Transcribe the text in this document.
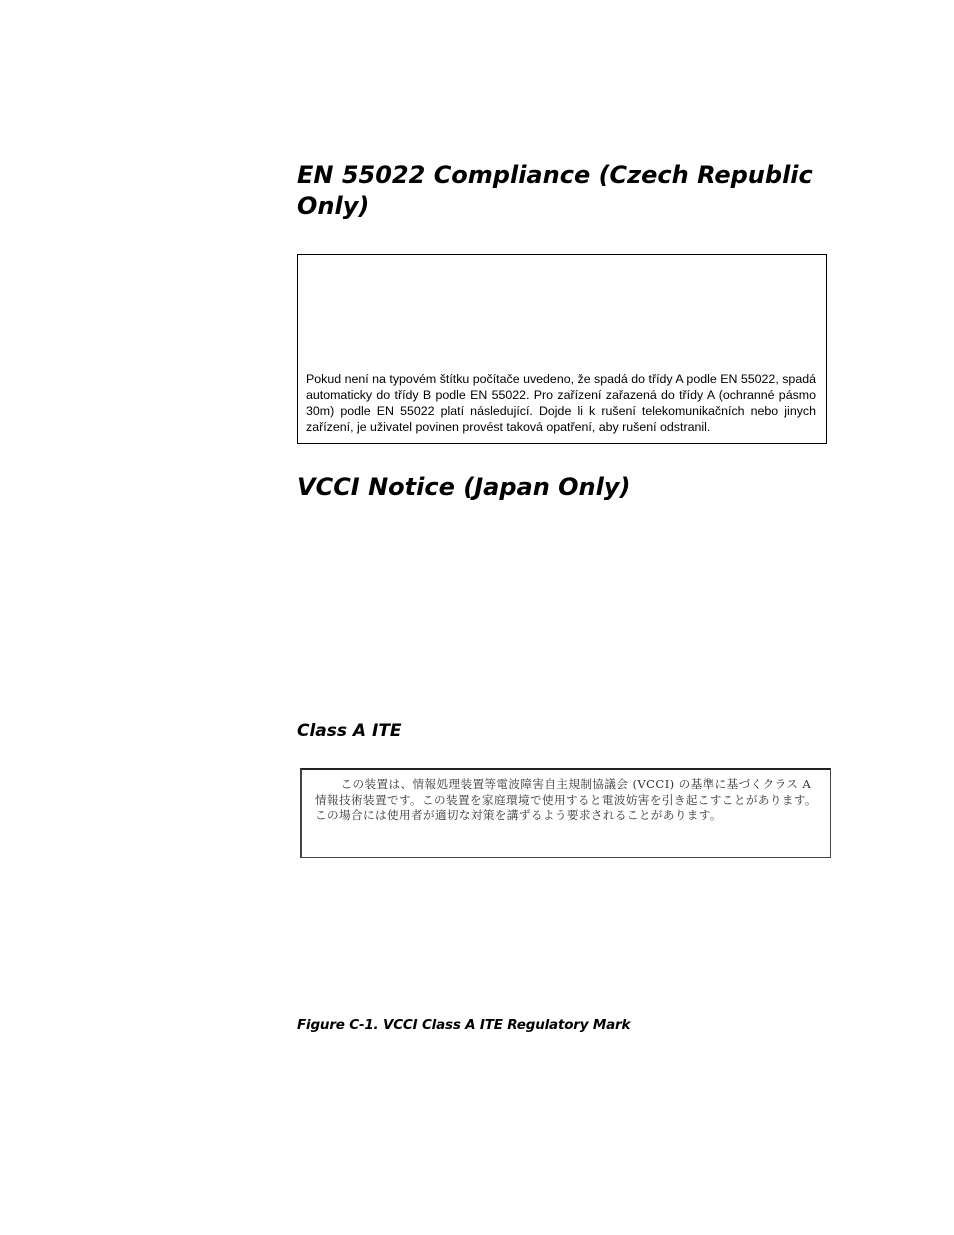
EN 55022 Compliance (Czech Republic Only)

Pokud není na typovém štítku počítače uvedeno, že spadá do třídy A podle EN 55022, spadá automaticky do třídy B podle EN 55022. Pro zařízení zařazená do třídy A (ochranné pásmo 30m) podle EN 55022 platí následující. Dojde li k rušení telekomunikačních nebo jinych zařízení, je uživatel povinen provést taková opatření, aby rušení odstranil.

VCCI Notice (Japan Only)
Class A ITE

この装置は、情報処理装置等電波障害自主規制協議会 (VCCI) の基準に基づくクラス A 情報技術装置です。この装置を家庭環境で使用すると電波妨害を引き起こすことがあります。この場合には使用者が適切な対策を講ずるよう要求されることがあります。

Figure C-1. VCCI Class A ITE Regulatory Mark
